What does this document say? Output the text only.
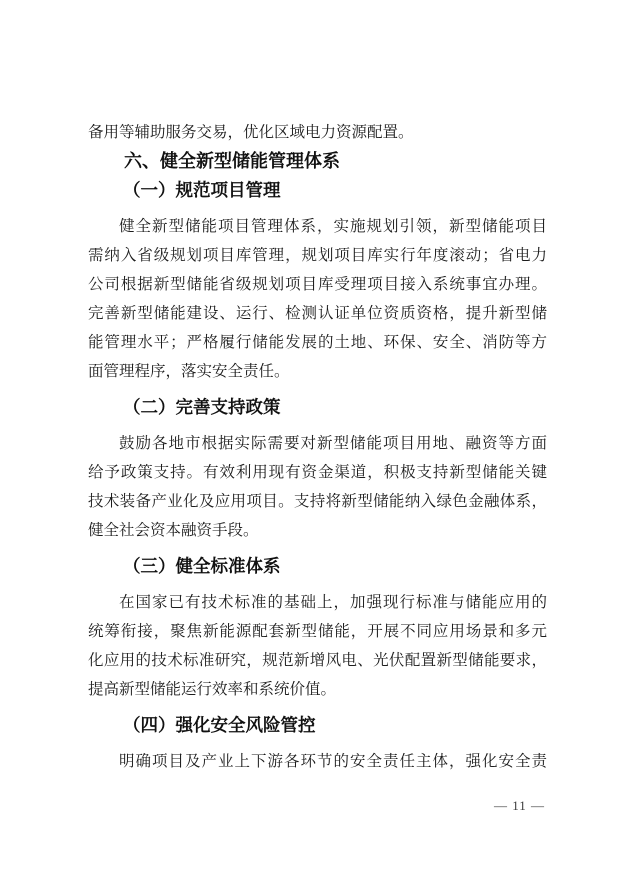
备用等辅助服务交易，优化区域电力资源配置。
六、健全新型储能管理体系
（一）规范项目管理
健全新型储能项目管理体系，实施规划引领，新型储能项目
需纳入省级规划项目库管理，规划项目库实行年度滚动；省电力
公司根据新型储能省级规划项目库受理项目接入系统事宜办理。
完善新型储能建设、运行、检测认证单位资质资格，提升新型储
能管理水平；严格履行储能发展的土地、环保、安全、消防等方
面管理程序，落实安全责任。
（二）完善支持政策
鼓励各地市根据实际需要对新型储能项目用地、融资等方面
给予政策支持。有效利用现有资金渠道，积极支持新型储能关键
技术装备产业化及应用项目。支持将新型储能纳入绿色金融体系，
健全社会资本融资手段。
（三）健全标准体系
在国家已有技术标准的基础上，加强现行标准与储能应用的
统筹衔接，聚焦新能源配套新型储能，开展不同应用场景和多元
化应用的技术标准研究，规范新增风电、光伏配置新型储能要求，
提高新型储能运行效率和系统价值。
（四）强化安全风险管控
明确项目及产业上下游各环节的安全责任主体，强化安全责
— 11 —
